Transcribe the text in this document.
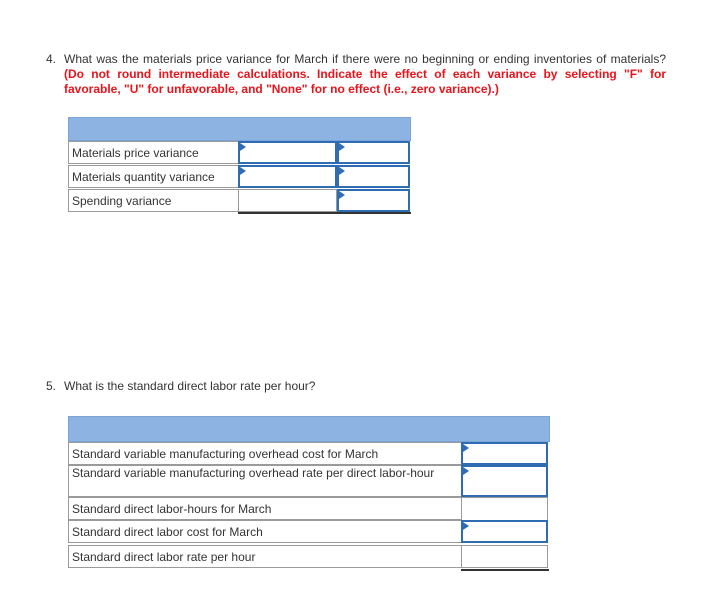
4. What was the materials price variance for March if there were no beginning or ending inventories of materials? (Do not round intermediate calculations. Indicate the effect of each variance by selecting "F" for favorable, "U" for unfavorable, and "None" for no effect (i.e., zero variance).)
Materials price variance
Materials quantity variance
Spending variance
5. What is the standard direct labor rate per hour?
Standard variable manufacturing overhead cost for March
Standard variable manufacturing overhead rate per direct labor-hour
Standard direct labor-hours for March
Standard direct labor cost for March
Standard direct labor rate per hour
